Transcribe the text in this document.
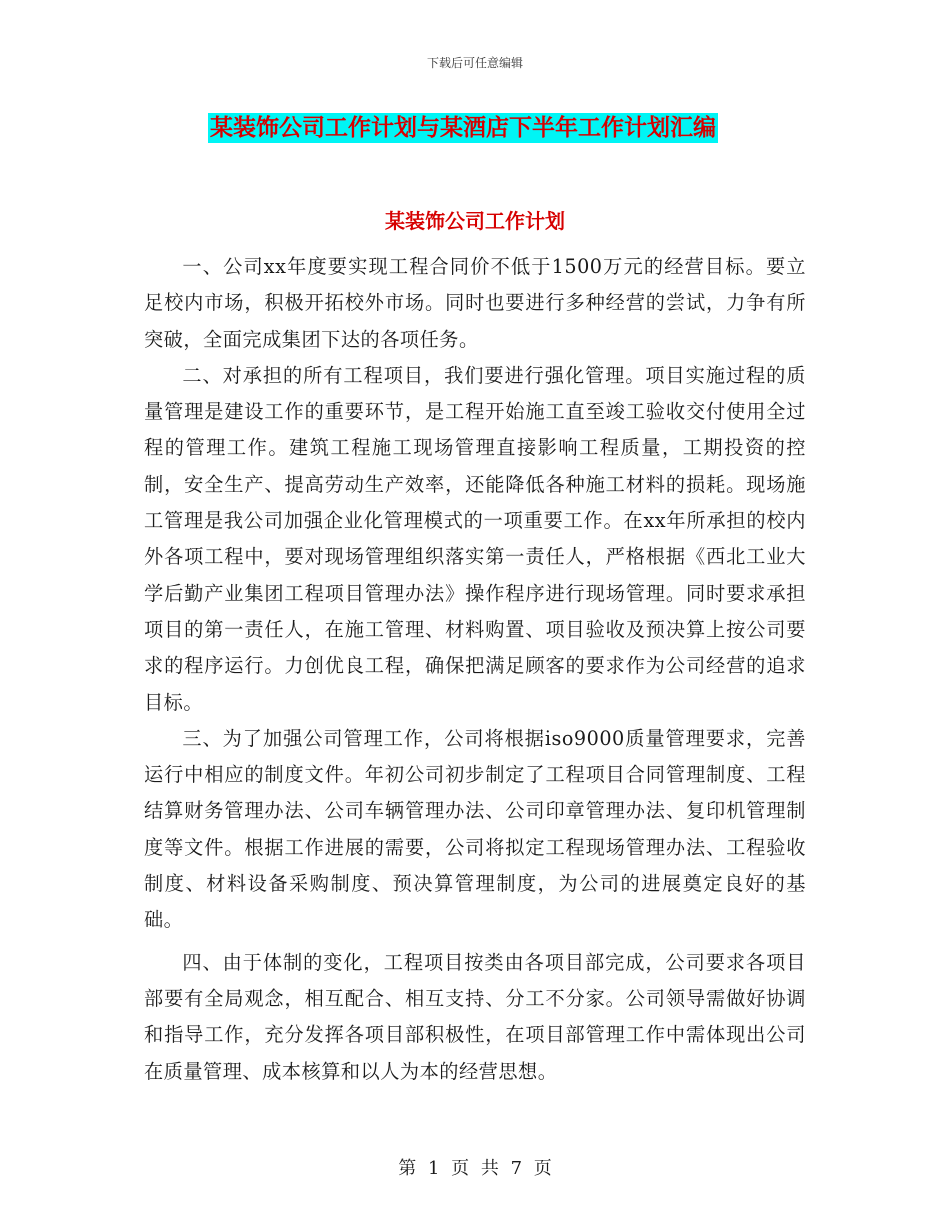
下载后可任意编辑
某装饰公司工作计划与某酒店下半年工作计划汇编
某装饰公司工作计划

一、公司xx年度要实现工程合同价不低于1500万元的经营目标。要立足校内市场，积极开拓校外市场。同时也要进行多种经营的尝试，力争有所突破，全面完成集团下达的各项任务。

二、对承担的所有工程项目，我们要进行强化管理。项目实施过程的质量管理是建设工作的重要环节，是工程开始施工直至竣工验收交付使用全过程的管理工作。建筑工程施工现场管理直接影响工程质量，工期投资的控制，安全生产、提高劳动生产效率，还能降低各种施工材料的损耗。现场施工管理是我公司加强企业化管理模式的一项重要工作。在xx年所承担的校内外各项工程中，要对现场管理组织落实第一责任人，严格根据《西北工业大学后勤产业集团工程项目管理办法》操作程序进行现场管理。同时要求承担项目的第一责任人，在施工管理、材料购置、项目验收及预决算上按公司要求的程序运行。力创优良工程，确保把满足顾客的要求作为公司经营的追求目标。

三、为了加强公司管理工作，公司将根据iso9000质量管理要求，完善运行中相应的制度文件。年初公司初步制定了工程项目合同管理制度、工程结算财务管理办法、公司车辆管理办法、公司印章管理办法、复印机管理制度等文件。根据工作进展的需要，公司将拟定工程现场管理办法、工程验收制度、材料设备采购制度、预决算管理制度，为公司的进展奠定良好的基础。

四、由于体制的变化，工程项目按类由各项目部完成，公司要求各项目部要有全局观念，相互配合、相互支持、分工不分家。公司领导需做好协调和指导工作，充分发挥各项目部积极性，在项目部管理工作中需体现出公司在质量管理、成本核算和以人为本的经营思想。

第 1 页 共 7 页
